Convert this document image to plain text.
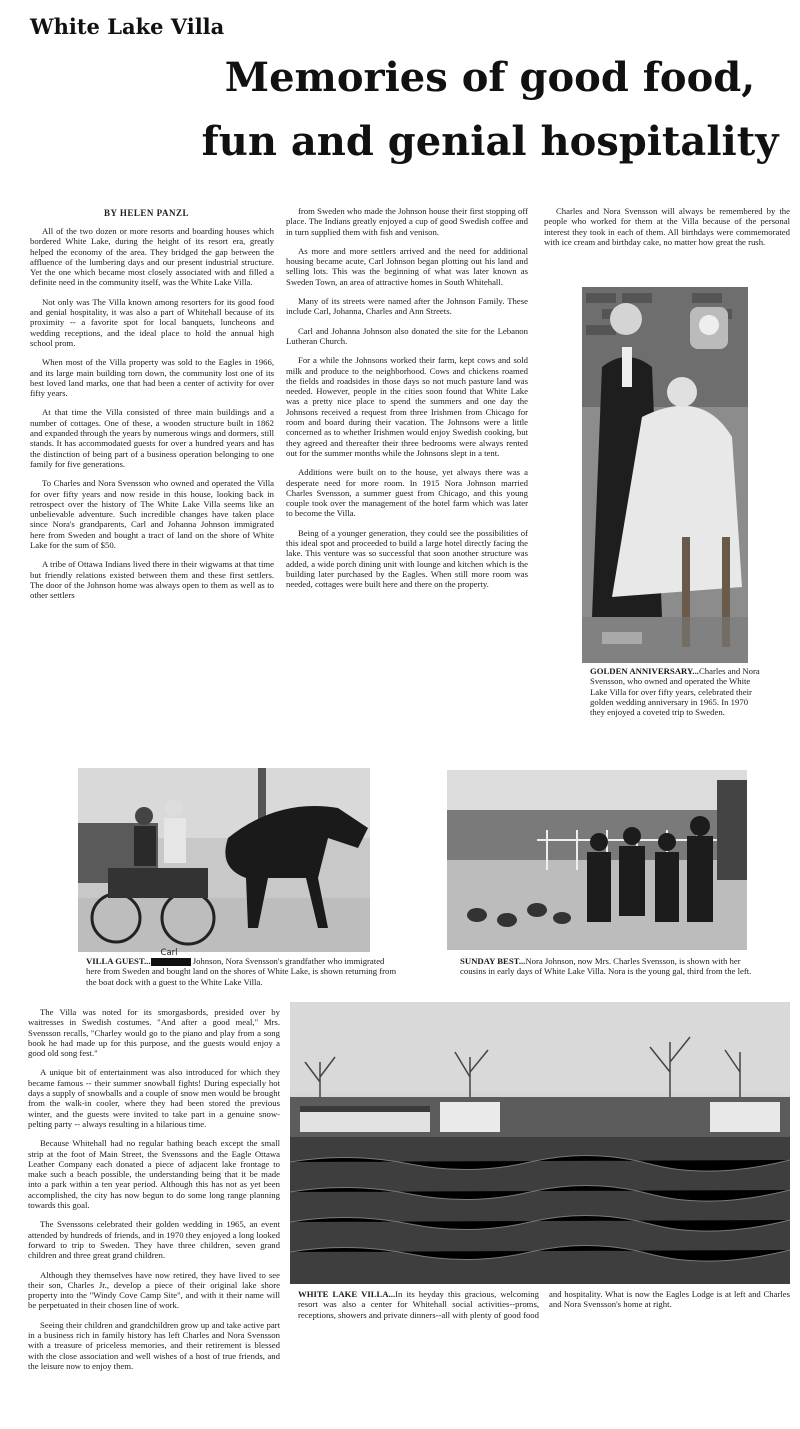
White Lake Villa
Memories of good food, fun and genial hospitality
BY HELEN PANZL

All of the two dozen or more resorts and boarding houses which bordered White Lake, during the height of its resort era, greatly helped the economy of the area. They bridged the gap between the affluence of the lumbering days and our present industrial structure. Yet the one which became most closely associated with and filled a definite need in the community itself, was the White Lake Villa.

Not only was The Villa known among resorters for its good food and genial hospitality, it was also a part of Whitehall because of its proximity -- a favorite spot for local banquets, luncheons and wedding receptions, and the ideal place to hold the annual high school prom.

When most of the Villa property was sold to the Eagles in 1966, and its large main building torn down, the community lost one of its best loved land marks, one that had been a center of activity for over fifty years.

At that time the Villa consisted of three main buildings and a number of cottages. One of these, a wooden structure built in 1862 and expanded through the years by numerous wings and dormers, still stands. It has accommodated guests for over a hundred years and has the distinction of being part of a business operation belonging to one family for five generations.

To Charles and Nora Svensson who owned and operated the Villa for over fifty years and now reside in this house, looking back in retrospect over the history of The White Lake Villa seems like an unbelievable adventure. Such incredible changes have taken place since Nora's grandparents, Carl and Johanna Johnson immigrated here from Sweden and bought a tract of land on the shore of White Lake for the sum of $50.

A tribe of Ottawa Indians lived there in their wigwams at that time but friendly relations existed between them and these first settlers. The door of the Johnson home was always open to them as well as to other settlers

from Sweden who made the Johnson house their first stopping off place. The Indians greatly enjoyed a cup of good Swedish coffee and in turn supplied them with fish and venison.

As more and more settlers arrived and the need for additional housing became acute, Carl Johnson began plotting out his land and selling lots. This was the beginning of what was later known as Sweden Town, an area of attractive homes in South Whitehall.

Many of its streets were named after the Johnson Family. These include Carl, Johanna, Charles and Ann Streets.

Carl and Johanna Johnson also donated the site for the Lebanon Lutheran Church.

For a while the Johnsons worked their farm, kept cows and sold milk and produce to the neighborhood. Cows and chickens roamed the fields and roadsides in those days so not much pasture land was needed. However, people in the cities soon found that White Lake was a pretty nice place to spend the summers and one day the Johnsons received a request from three Irishmen from Chicago for room and board during their vacation. The Johnsons were a little concerned as to whether Irishmen would enjoy Swedish cooking, but they agreed and thereafter their three bedrooms were always rented out for the summer months while the Johnsons slept in a tent.

Additions were built on to the house, yet always there was a desperate need for more room. In 1915 Nora Johnson married Charles Svensson, a summer guest from Chicago, and this young couple took over the management of the hotel farm which was later to become the Villa.

Being of a younger generation, they could see the possibilities of this ideal spot and proceeded to build a large hotel directly facing the lake. This venture was so successful that soon another structure was added, a wide porch dining unit with lounge and kitchen which is the building later purchased by the Eagles. When still more room was needed, cottages were built here and there on the property.

Charles and Nora Svensson will always be remembered by the people who worked for them at the Villa because of the personal interest they took in each of them. All birthdays were commemorated with ice cream and birthday cake, no matter how great the rush.

GOLDEN ANNIVERSARY...Charles and Nora Svensson, who owned and operated the White Lake Villa for over fifty years, celebrated their golden wedding anniversary in 1965. In 1970 they enjoyed a coveted trip to Sweden.
VILLA GUEST...
Carl
Johnson, Nora Svensson's grandfather who immigrated here from Sweden and bought land on the shores of White Lake, is shown returning from the boat dock with a guest to the White Lake Villa.
SUNDAY BEST...Nora Johnson, now Mrs. Charles Svensson, is shown with her cousins in early days of White Lake Villa. Nora is the young gal, third from the left.

The Villa was noted for its smorgasbords, presided over by waitresses in Swedish costumes. "And after a good meal," Mrs. Svensson recalls, "Charley would go to the piano and play from a song book he had made up for this purpose, and the guests would enjoy a good old song fest."

A unique bit of entertainment was also introduced for which they became famous -- their summer snowball fights! During especially hot days a supply of snowballs and a couple of snow men would be brought from the walk-in cooler, where they had been stored the previous winter, and the guests were invited to take part in a genuine snow-pelting party -- always resulting in a hilarious time.

Because Whitehall had no regular bathing beach except the small strip at the foot of Main Street, the Svenssons and the Eagle Ottawa Leather Company each donated a piece of adjacent lake frontage to make such a beach possible, the understanding being that it be made into a park within a ten year period. Although this has not as yet been accomplished, the city has now begun to do some long range planning towards this goal.

The Svenssons celebrated their golden wedding in 1965, an event attended by hundreds of friends, and in 1970 they enjoyed a long looked forward to trip to Sweden. They have three children, seven grand children and three great grand children.

Although they themselves have now retired, they have lived to see their son, Charles Jr., develop a piece of their original lake shore property into the "Windy Cove Camp Site", and with it their name will be perpetuated in their chosen line of work.

Seeing their children and grandchildren grow up and take active part in a business rich in family history has left Charles and Nora Svensson with a treasure of priceless memories, and their retirement is blessed with the close association and well wishes of a host of true friends, and the leisure now to enjoy them.

WHITE LAKE VILLA...In its heyday this gracious, welcoming resort was also a center for Whitehall social activities--proms, receptions, showers and private dinners--all with plenty of good food and hospitality. What is now the Eagles Lodge is at left and Charles and Nora Svensson's home at right.
